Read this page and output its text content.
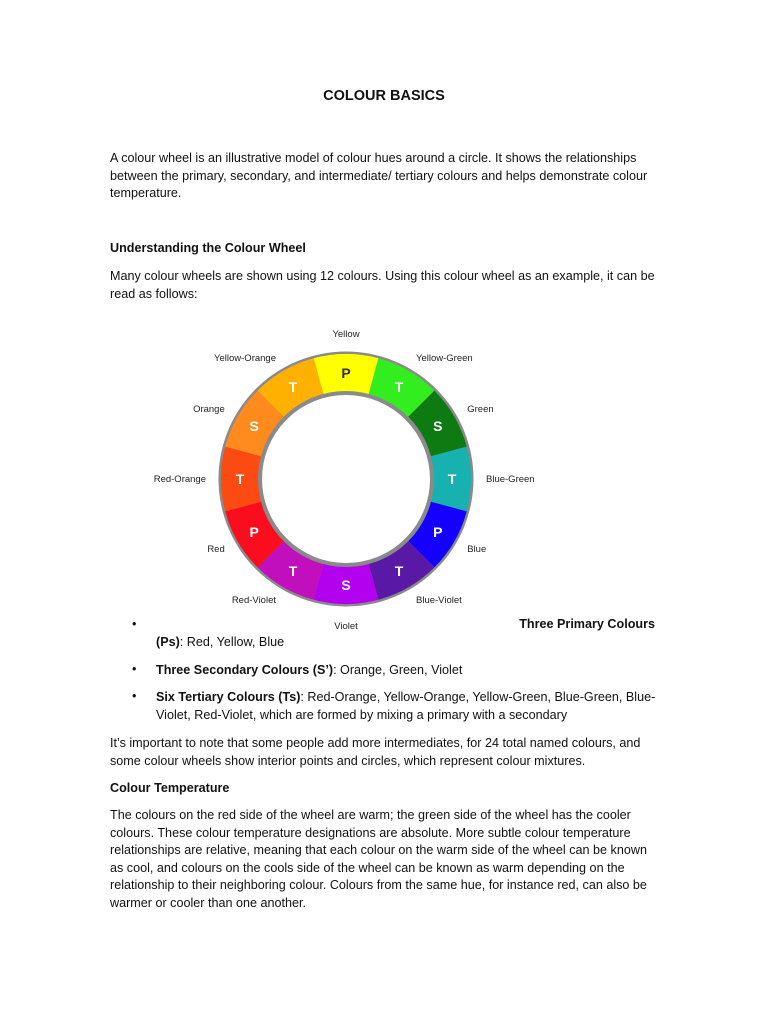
COLOUR BASICS

A colour wheel is an illustrative model of colour hues around a circle. It shows the relationships between the primary, secondary, and intermediate/ tertiary colours and helps demonstrate colour temperature.

Understanding the Colour Wheel

Many colour wheels are shown using 12 colours. Using this colour wheel as an example, it can be read as follows:

P
Yellow
T
Yellow-Green
S
Green
T	Blue-Green
P
Blue
T
Blue-Violet
S
Violet
T
Red-Violet
P
Red
T
Red-Orange
S
Orange
T
Yellow-Orange
•	Three Primary Colours

(Ps): Red, Yellow, Blue

• Three Secondary Colours (S’): Orange, Green, Violet

• Six Tertiary Colours (Ts): Red-Orange, Yellow-Orange, Yellow-Green, Blue-Green, Blue-Violet, Red-Violet, which are formed by mixing a primary with a secondary

It’s important to note that some people add more intermediates, for 24 total named colours, and some colour wheels show interior points and circles, which represent colour mixtures.

Colour Temperature

The colours on the red side of the wheel are warm; the green side of the wheel has the cooler colours. These colour temperature designations are absolute. More subtle colour temperature relationships are relative, meaning that each colour on the warm side of the wheel can be known as cool, and colours on the cools side of the wheel can be known as warm depending on the relationship to their neighboring colour. Colours from the same hue, for instance red, can also be warmer or cooler than one another.
